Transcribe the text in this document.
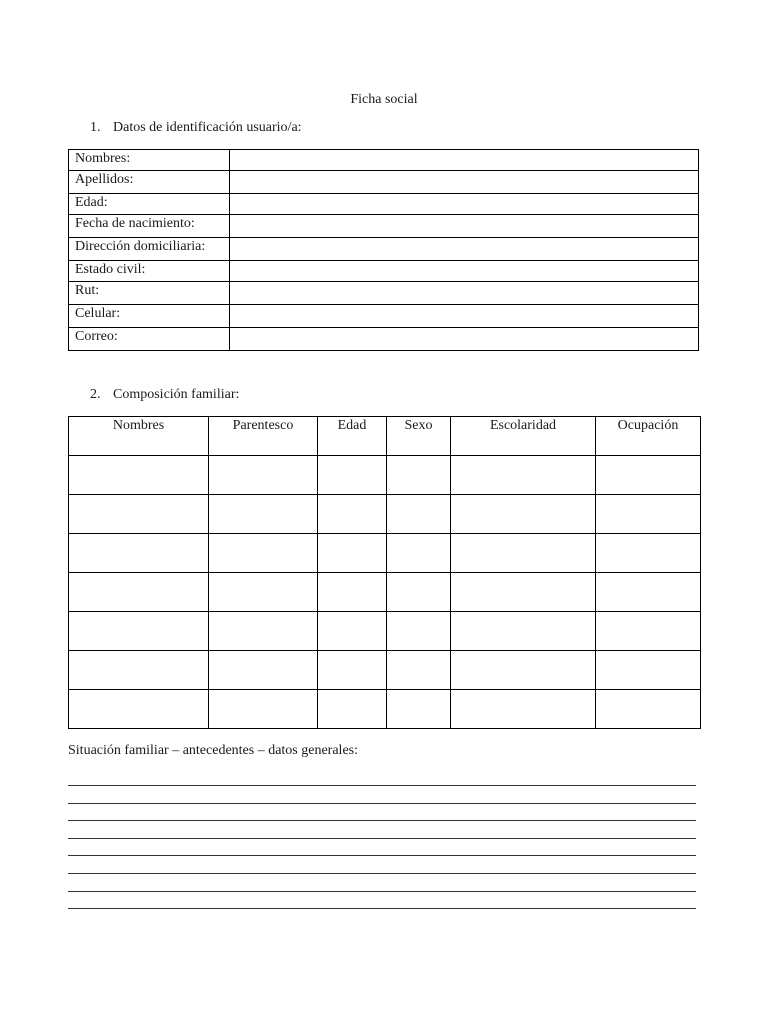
Ficha social
1. Datos de identificación usuario/a:
Nombres:	
Apellidos:	
Edad:	
Fecha de nacimiento:	
Dirección domiciliaria:	
Estado civil:	
Rut:	
Celular:	
Correo:	
2. Composición familiar:
Nombres	Parentesco	Edad	Sexo	Escolaridad	Ocupación

Situación familiar – antecedentes – datos generales:
